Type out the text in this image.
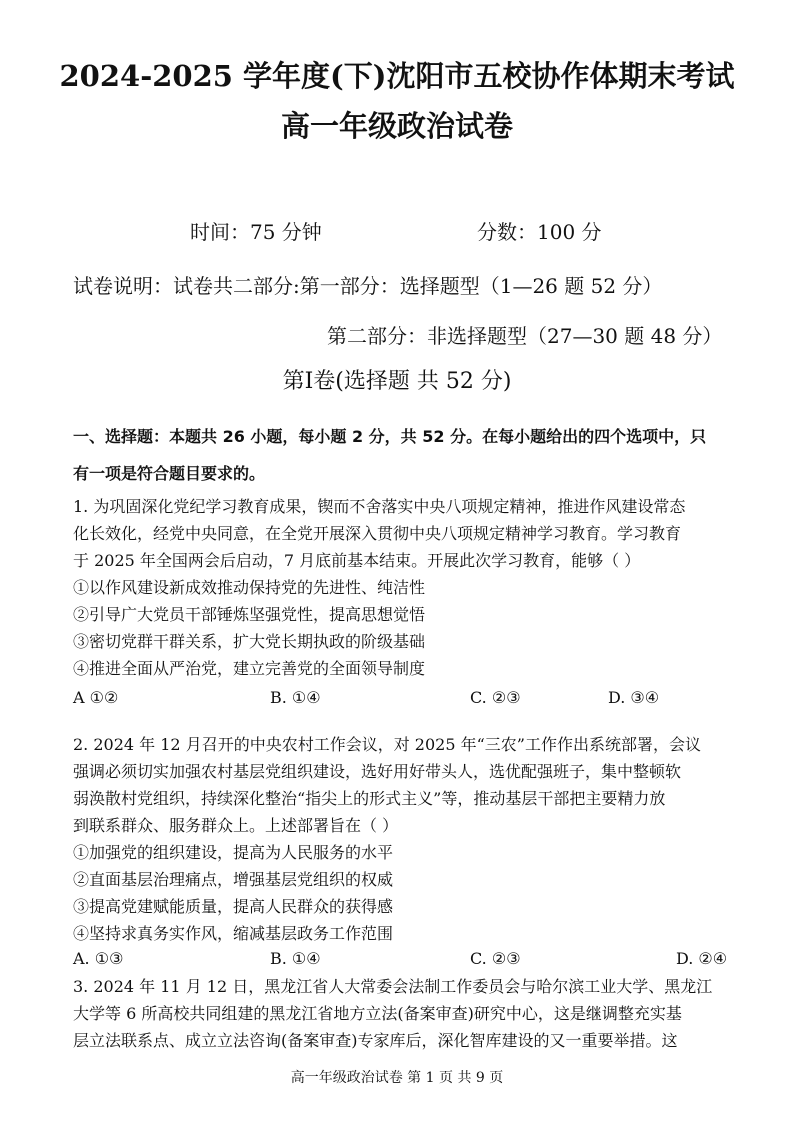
2024-2025 学年度(下)沈阳市五校协作体期末考试
高一年级政治试卷
时间：75 分钟	分数：100 分
试卷说明：试卷共二部分:第一部分：选择题型（1—26 题 52 分）
第二部分：非选择题型（27—30 题 48 分）
第Ⅰ卷(选择题 共 52 分)
一、选择题：本题共 26 小题，每小题 2 分，共 52 分。在每小题给出的四个选项中，只
有一项是符合题目要求的。

1. 为巩固深化党纪学习教育成果，锲而不舍落实中央八项规定精神，推进作风建设常态

化长效化，经党中央同意，在全党开展深入贯彻中央八项规定精神学习教育。学习教育

于 2025 年全国两会后启动，7 月底前基本结束。开展此次学习教育，能够（ ）

①以作风建设新成效推动保持党的先进性、纯洁性

②引导广大党员干部锤炼坚强党性，提高思想觉悟

③密切党群干群关系，扩大党长期执政的阶级基础

④推进全面从严治党，建立完善党的全面领导制度

A ①②	B. ①④	C. ②③	D. ③④

2. 2024 年 12 月召开的中央农村工作会议，对 2025 年“三农”工作作出系统部署，会议

强调必须切实加强农村基层党组织建设，选好用好带头人，选优配强班子，集中整顿软

弱涣散村党组织，持续深化整治“指尖上的形式主义”等，推动基层干部把主要精力放

到联系群众、服务群众上。上述部署旨在（ ）

①加强党的组织建设，提高为人民服务的水平

②直面基层治理痛点，增强基层党组织的权威

③提高党建赋能质量，提高人民群众的获得感

④坚持求真务实作风，缩减基层政务工作范围

A. ①③	B. ①④	C. ②③	D. ②④

3. 2024 年 11 月 12 日，黑龙江省人大常委会法制工作委员会与哈尔滨工业大学、黑龙江

大学等 6 所高校共同组建的黑龙江省地方立法(备案审查)研究中心，这是继调整充实基

层立法联系点、成立立法咨询(备案审查)专家库后，深化智库建设的又一重要举措。这

高一年级政治试卷 第 1 页 共 9 页
